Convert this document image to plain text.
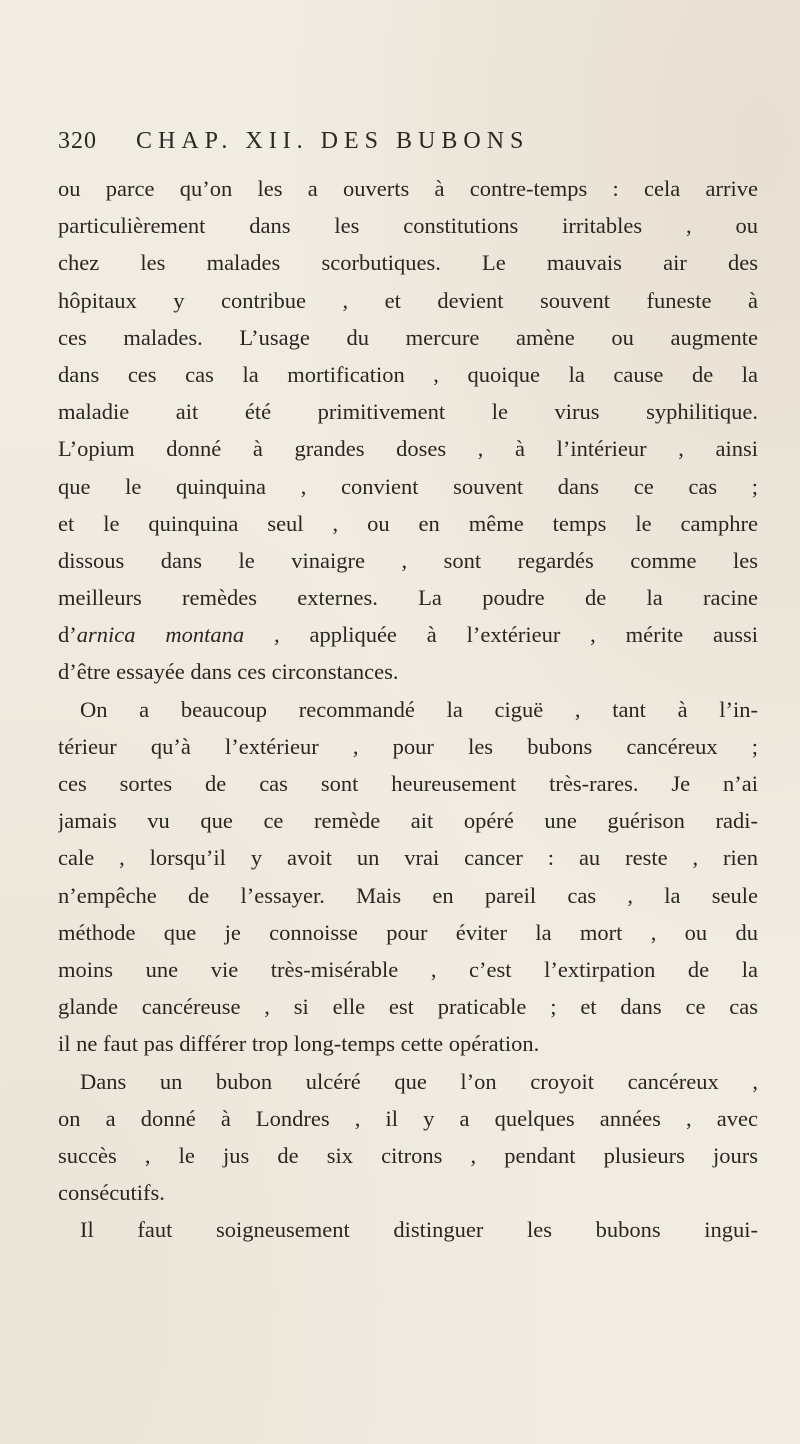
320 CHAP. XII. DES BUBONS
ou parce qu’on les a ouverts à contre-temps : cela arrive
particulièrement dans les constitutions irritables , ou
chez les malades scorbutiques. Le mauvais air des
hôpitaux y contribue , et devient souvent funeste à
ces malades. L’usage du mercure amène ou augmente
dans ces cas la mortification , quoique la cause de la
maladie ait été primitivement le virus syphilitique.
L’opium donné à grandes doses , à l’intérieur , ainsi
que le quinquina , convient souvent dans ce cas ;
et le quinquina seul , ou en même temps le camphre
dissous dans le vinaigre , sont regardés comme les
meilleurs remèdes externes. La poudre de la racine
d’arnica montana , appliquée à l’extérieur , mérite aussi
d’être essayée dans ces circonstances.
On a beaucoup recommandé la ciguë , tant à l’in-
térieur qu’à l’extérieur , pour les bubons cancéreux ;
ces sortes de cas sont heureusement très-rares. Je n’ai
jamais vu que ce remède ait opéré une guérison radi-
cale , lorsqu’il y avoit un vrai cancer : au reste , rien
n’empêche de l’essayer. Mais en pareil cas , la seule
méthode que je connoisse pour éviter la mort , ou du
moins une vie très-misérable , c’est l’extirpation de la
glande cancéreuse , si elle est praticable ; et dans ce cas
il ne faut pas différer trop long-temps cette opération.
Dans un bubon ulcéré que l’on croyoit cancéreux ,
on a donné à Londres , il y a quelques années , avec
succès , le jus de six citrons , pendant plusieurs jours
consécutifs.
Il faut soigneusement distinguer les bubons ingui-
